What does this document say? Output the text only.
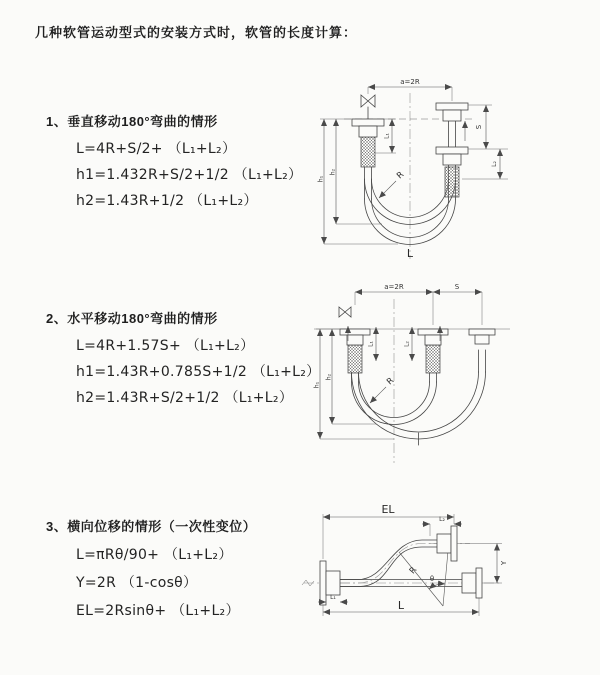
几种软管运动型式的安装方式时，软管的长度计算：
1、垂直移动180°弯曲的情形
L=4R+S/2+ （L₁+L₂）
h1=1.432R+S/2+1/2 （L₁+L₂）
h2=1.43R+1/2 （L₁+L₂）
2、水平移动180°弯曲的情形
L=4R+1.57S+ （L₁+L₂）
h1=1.43R+0.785S+1/2 （L₁+L₂）
h2=1.43R+S/2+1/2 （L₁+L₂）
3、横向位移的情形（一次性变位）
L=πRθ/90+ （L₁+L₂）
Y=2R （1-cosθ）
EL=2Rsinθ+ （L₁+L₂）
a=2R
S
L₂
L₁
h₁
h₂	R
L
a=2R	S
L₁	L₂
h₁
h₂	R
θ
R
EL
L₂
Y
L
L₁
